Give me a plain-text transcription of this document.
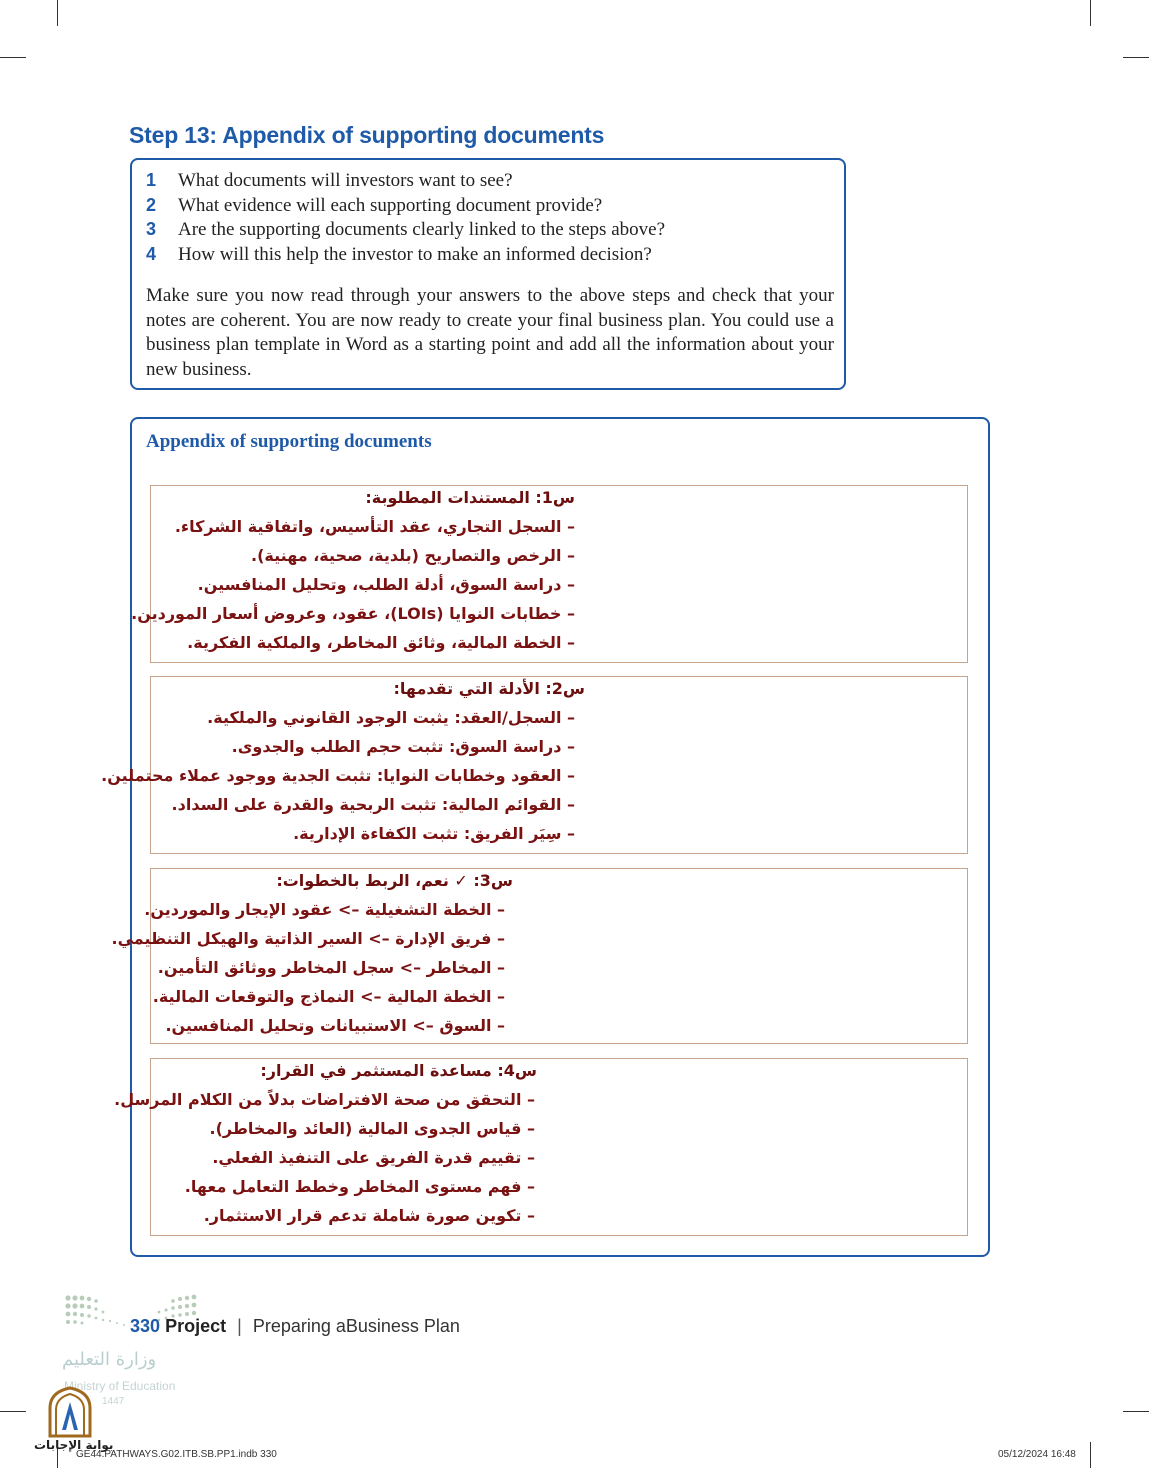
Step 13: Appendix of supporting documents
1 What documents will investors want to see?
2 What evidence will each supporting document provide?
3 Are the supporting documents clearly linked to the steps above?
4 How will this help the investor to make an informed decision?
Make sure you now read through your answers to the above steps and check that your notes are coherent. You are now ready to create your final business plan. You could use a business plan template in Word as a starting point and add all the information about your new business.
Appendix of supporting documents
س1: المستندات المطلوبة:
– السجل التجاري، عقد التأسيس، واتفاقية الشركاء.
– الرخص والتصاريح (بلدية، صحية، مهنية).
– دراسة السوق، أدلة الطلب، وتحليل المنافسين.
– خطابات النوايا (LOIs)، عقود، وعروض أسعار الموردين.
– الخطة المالية، وثائق المخاطر، والملكية الفكرية.
س2: الأدلة التي تقدمها:
– السجل/العقد: يثبت الوجود القانوني والملكية.
– دراسة السوق: تثبت حجم الطلب والجدوى.
– العقود وخطابات النوايا: تثبت الجدية ووجود عملاء محتملين.
– القوائم المالية: تثبت الربحية والقدرة على السداد.
– سِيَر الفريق: تثبت الكفاءة الإدارية.
س3: ✓ نعم، الربط بالخطوات:
– الخطة التشغيلية –> عقود الإيجار والموردين.
– فريق الإدارة –> السير الذاتية والهيكل التنظيمي.
– المخاطر –> سجل المخاطر ووثائق التأمين.
– الخطة المالية –> النماذج والتوقعات المالية.
– السوق –> الاستبيانات وتحليل المنافسين.
س4: مساعدة المستثمر في القرار:
– التحقق من صحة الافتراضات بدلاً من الكلام المرسل.
– قياس الجدوى المالية (العائد والمخاطر).
– تقييم قدرة الفريق على التنفيذ الفعلي.
– فهم مستوى المخاطر وخطط التعامل معها.
– تكوين صورة شاملة تدعم قرار الاستثمار.
330 Project | Preparing aBusiness Plan
وزارة التعليم
Ministry of Education
1447
بوابة الإجابات
GE44.PATHWAYS.G02.ITB.SB.PP1.indb 330	05/12/2024 16:48
